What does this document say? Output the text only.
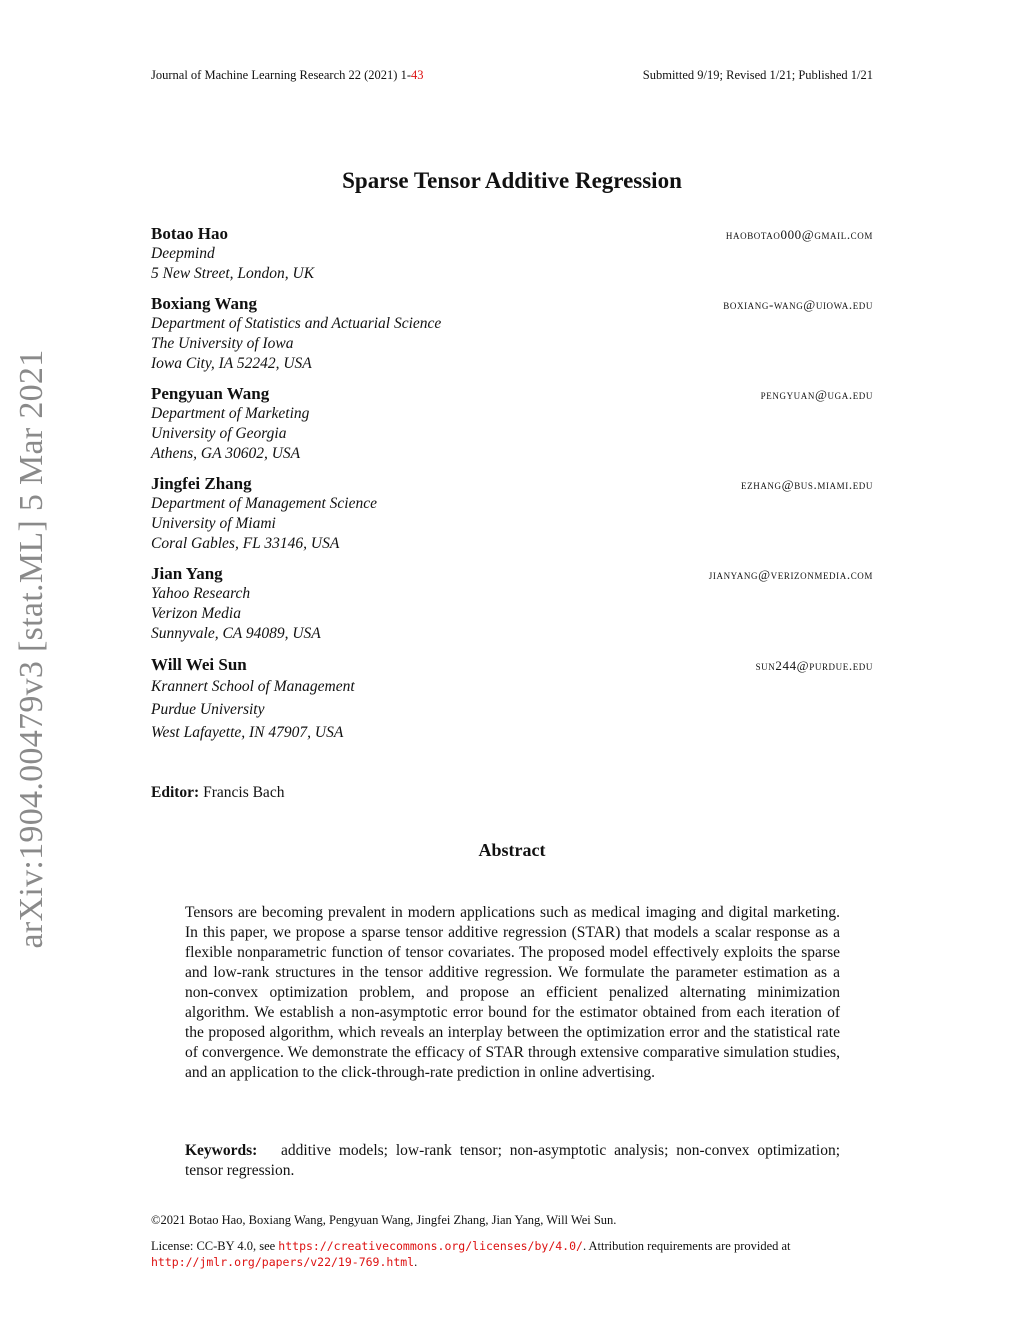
Journal of Machine Learning Research 22 (2021) 1-43	Submitted 9/19; Revised 1/21; Published 1/21
Sparse Tensor Additive Regression
arXiv:1904.00479v3 [stat.ML] 5 Mar 2021
Botao Hao	haobotao000@gmail.com
Deepmind
5 New Street, London, UK
Boxiang Wang	boxiang-wang@uiowa.edu
Department of Statistics and Actuarial Science
The University of Iowa
Iowa City, IA 52242, USA
Pengyuan Wang	pengyuan@uga.edu
Department of Marketing
University of Georgia
Athens, GA 30602, USA
Jingfei Zhang	ezhang@bus.miami.edu
Department of Management Science
University of Miami
Coral Gables, FL 33146, USA
Jian Yang	jianyang@verizonmedia.com
Yahoo Research
Verizon Media
Sunnyvale, CA 94089, USA
Will Wei Sun	sun244@purdue.edu
Krannert School of Management
Purdue University
West Lafayette, IN 47907, USA
Editor: Francis Bach
Abstract
Tensors are becoming prevalent in modern applications such as medical imaging and digital marketing. In this paper, we propose a sparse tensor additive regression (STAR) that models a scalar response as a flexible nonparametric function of tensor covariates. The proposed model effectively exploits the sparse and low-rank structures in the tensor additive regression. We formulate the parameter estimation as a non-convex optimization problem, and propose an efficient penalized alternating minimization algorithm. We establish a non-asymptotic error bound for the estimator obtained from each iteration of the proposed algorithm, which reveals an interplay between the optimization error and the statistical rate of convergence. We demonstrate the efficacy of STAR through extensive comparative simulation studies, and an application to the click-through-rate prediction in online advertising.
Keywords: additive models; low-rank tensor; non-asymptotic analysis; non-convex optimization; tensor regression.
©2021 Botao Hao, Boxiang Wang, Pengyuan Wang, Jingfei Zhang, Jian Yang, Will Wei Sun.
License: CC-BY 4.0, see https://creativecommons.org/licenses/by/4.0/. Attribution requirements are provided at http://jmlr.org/papers/v22/19-769.html.
